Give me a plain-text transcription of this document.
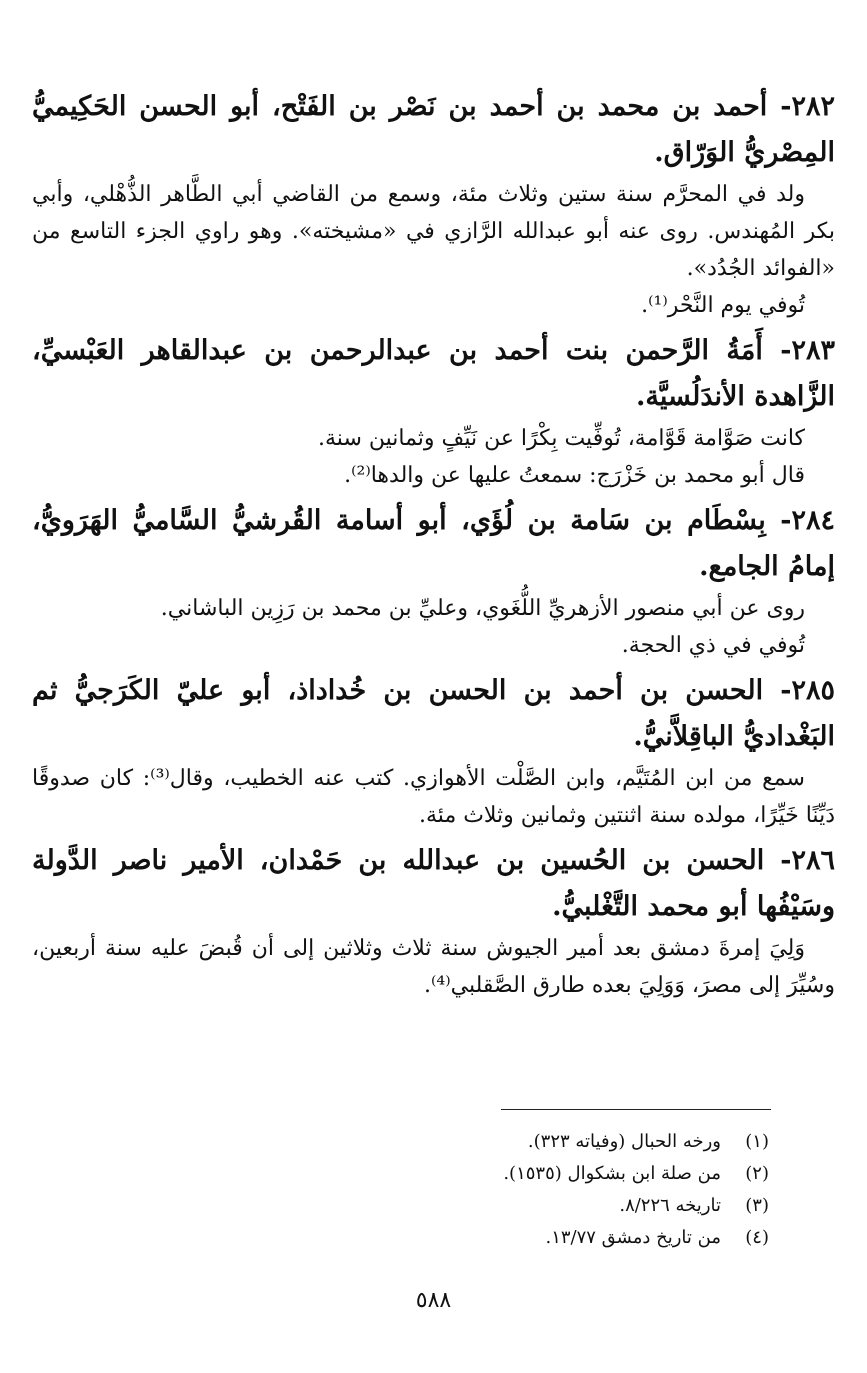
٢٨٢- أحمد بن محمد بن أحمد بن نَصْر بن الفَتْح، أبو الحسن الحَكِيميُّ المِصْريُّ الوَرّاق.

ولد في المحرَّم سنة ستين وثلاث مئة، وسمع من القاضي أبي الطَّاهر الذُّهْلي، وأبي بكر المُهندس. روى عنه أبو عبدالله الرَّازي في «مشيخته». وهو راوي الجزء التاسع من «الفوائد الجُدُد».

تُوفي يوم النَّحْر⁽¹⁾.

٢٨٣- أَمَةُ الرَّحمن بنت أحمد بن عبدالرحمن بن عبدالقاهر العَبْسيِّ، الزَّاهدة الأندَلُسيَّة.

كانت صَوَّامة قَوَّامة، تُوفِّيت بِكْرًا عن نَيِّفٍ وثمانين سنة.

قال أبو محمد بن خَزْرَج: سمعتُ عليها عن والدها⁽²⁾.

٢٨٤- بِسْطَام بن سَامة بن لُؤَي، أبو أسامة القُرشيُّ السَّاميُّ الهَرَويُّ، إمامُ الجامع.

روى عن أبي منصور الأزهريِّ اللُّغَوي، وعليِّ بن محمد بن رَزِين الباشاني.

تُوفي في ذي الحجة.

٢٨٥- الحسن بن أحمد بن الحسن بن خُداداذ، أبو عليّ الكَرَجيُّ ثم البَغْداديُّ الباقِلاَّنيُّ.

سمع من ابن المُتَيَّم، وابن الصَّلْت الأهوازي. كتب عنه الخطيب، وقال⁽³⁾: كان صدوقًا دَيِّنًا خَيِّرًا، مولده سنة اثنتين وثمانين وثلاث مئة.

٢٨٦- الحسن بن الحُسين بن عبدالله بن حَمْدان، الأمير ناصر الدَّولة وسَيْفُها أبو محمد التَّغْلبيُّ.

وَلِيَ إمرةَ دمشق بعد أمير الجيوش سنة ثلاث وثلاثين إلى أن قُبضَ عليه سنة أربعين، وسُيِّرَ إلى مصرَ، وَوَلِيَ بعده طارق الصَّقلبي⁽⁴⁾.

(١)
ورخه الحبال (وفياته ٣٢٣).
(٢)
من صلة ابن بشكوال (١٥٣٥).
(٣)
تاريخه ٨/٢٢٦.
(٤)
من تاريخ دمشق ١٣/٧٧.
٥٨٨
